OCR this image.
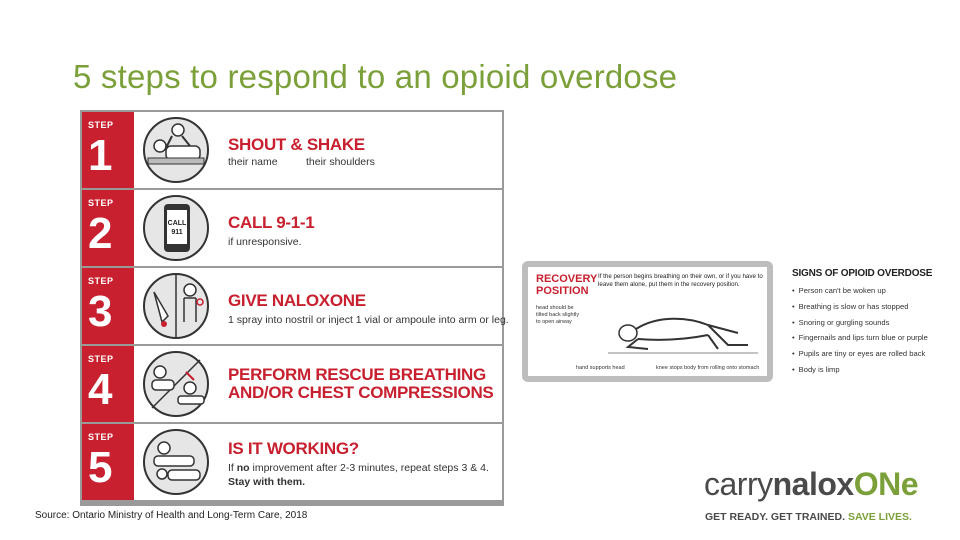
5 steps to respond to an opioid overdose
STEP
1	SHOUT & SHAKE
their name	their shoulders
STEP
2	CALL
911
CALL 9-1-1
if unresponsive.
STEP
3	GIVE NALOXONE
1 spray into nostril or inject 1 vial or ampoule into arm or leg.
STEP
4	PERFORM RESCUE BREATHING
AND/OR CHEST COMPRESSIONS
STEP
5	IS IT WORKING?
If no improvement after 2-3 minutes, repeat steps 3 & 4.
Stay with them.
RECOVERY
POSITION
If the person begins breathing on their own, or if you have to leave them alone, put them in the recovery position.
head should be
tilted back slightly
to open airway
hand supports head	knee stops body from rolling onto stomach
SIGNS OF OPIOID OVERDOSE
• Person can't be woken up
• Breathing is slow or has stopped
• Snoring or gurgling sounds
• Fingernails and lips turn blue or purple
• Pupils are tiny or eyes are rolled back
• Body is limp
Source: Ontario Ministry of Health and Long-Term Care, 2018
carrynaloxONe
GET READY. GET TRAINED. SAVE LIVES.
